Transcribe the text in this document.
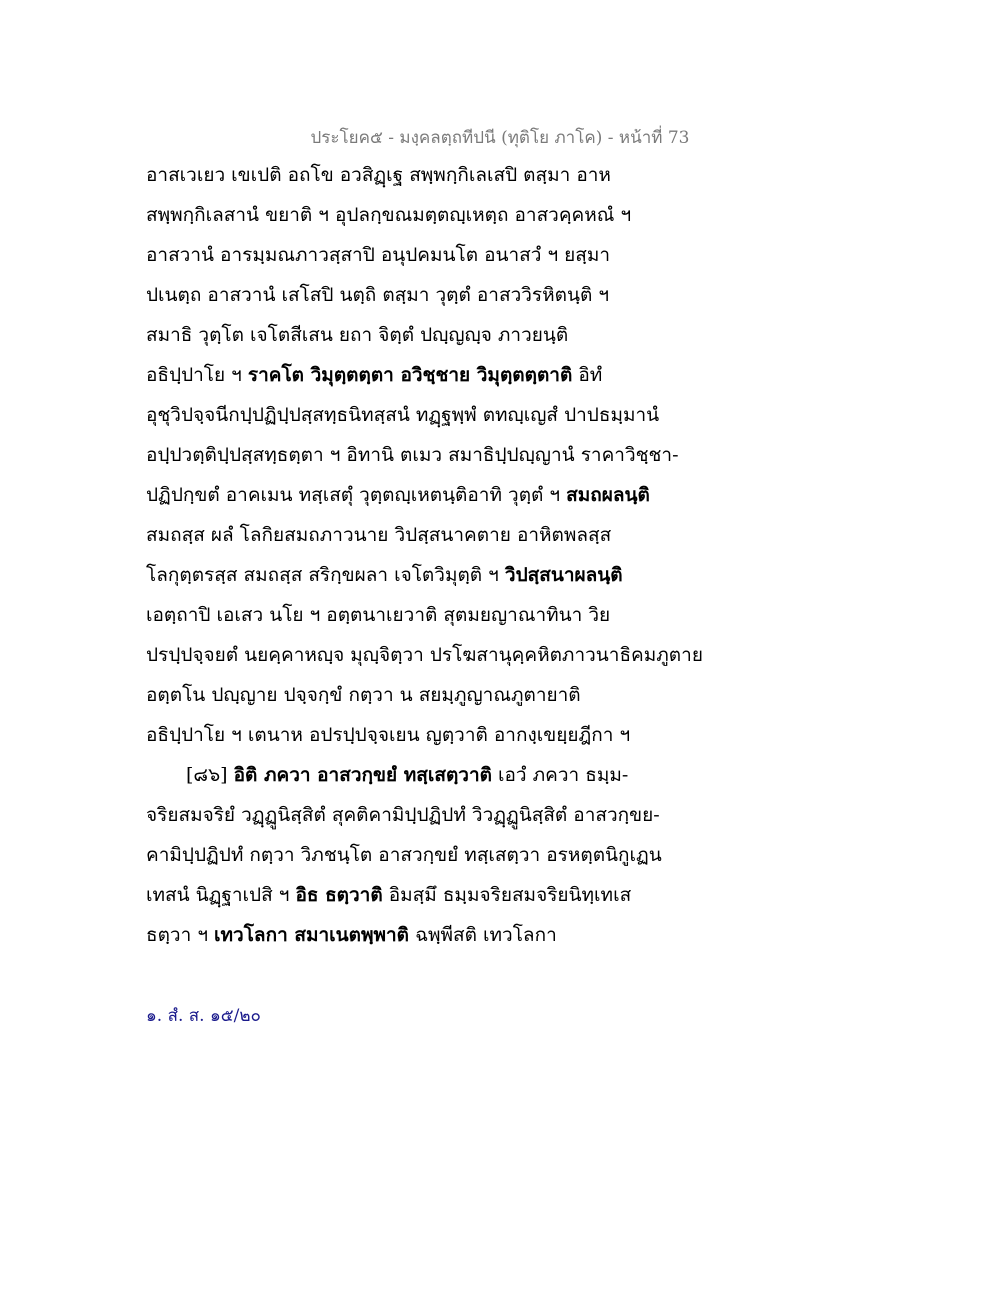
ประโยค๕ - มงฺคลตฺถทีปนี (ทุติโย ภาโค) - หน้าที่ 73
อาสเวเยว เขเปติ อถโข อวสิฏฺเฐ สพฺพกฺกิเลเสปิ ตสฺมา อาห
สพฺพกฺกิเลสานํ ขยาติ ฯ อุปลกฺขณมตฺตญฺเหตฺถ อาสวคฺคหณํ ฯ
อาสวานํ อารมฺมณภาวสฺสาปิ อนุปคมนโต อนาสวํ ฯ ยสฺมา
ปเนตฺถ อาสวานํ เสโสปิ นตฺถิ ตสฺมา วุตฺตํ อาสววิรหิตนฺติ ฯ
สมาธิ วุตฺโต เจโตสีเสน ยถา จิตฺตํ ปญฺญญฺจ ภาวยนฺติ
อธิปฺปาโย ฯ ราคโต วิมุตฺตตฺตา อวิชฺชาย วิมุตฺตตฺตาติ อิทํ
อุชุวิปจฺจนีกปฺปฏิปฺปสฺสทฺธนิทสฺสนํ ทฏฺฐพฺพํ ตทญฺเญสํ ปาปธมฺมานํ
อปฺปวตฺติปฺปสฺสทฺธตฺตา ฯ อิทานิ ตเมว สมาธิปฺปญฺญานํ ราคาวิชฺชา-
ปฏิปกฺขตํ อาคเมน ทสฺเสตุํ วุตฺตญฺเหตนฺติอาทิ วุตฺตํ ฯ สมถผลนฺติ
สมถสฺส ผลํ โลกิยสมถภาวนาย วิปสฺสนาคตาย อาหิตพลสฺส
โลกุตฺตรสฺส สมถสฺส สริกฺขผลา เจโตวิมุตฺติ ฯ วิปสฺสนาผลนฺติ
เอตฺถาปิ เอเสว นโย ฯ อตฺตนาเยวาติ สุตมยญาณาทินา วิย
ปรปฺปจฺจยตํ นยคฺคาหญฺจ มุญฺจิตฺวา ปรโฆสานุคฺคหิตภาวนาธิคมภูตาย
อตฺตโน ปญฺญาย ปจฺจกฺขํ กตฺวา น สยมฺภูญาณภูตายาติ
อธิปฺปาโย ฯ เตนาห อปรปฺปจฺจเยน ญตฺวาติ อากงฺเขยฺยฎีกา ฯ
[๘๖] อิติ ภควา อาสวกฺขยํ ทสฺเสตฺวาติ เอวํ ภควา ธมฺม-
จริยสมจริยํ วฏฺฏูนิสฺสิตํ สุคติคามิปฺปฏิปทํ วิวฏฺฏูนิสฺสิตํ อาสวกฺขย-
คามิปฺปฏิปทํ กตฺวา วิภชนฺโต อาสวกฺขยํ ทสฺเสตฺวา อรหตฺตนิกูเฏน
เทสนํ นิฏฺฐาเปสิ ฯ อิธ ธตฺวาติ อิมสฺมึ ธมฺมจริยสมจริยนิทฺเทเส
ธตฺวา ฯ เทวโลกา สมาเนตพฺพาติ ฉพฺพีสติ เทวโลกา
๑. สํ. ส. ๑๕/๒๐
